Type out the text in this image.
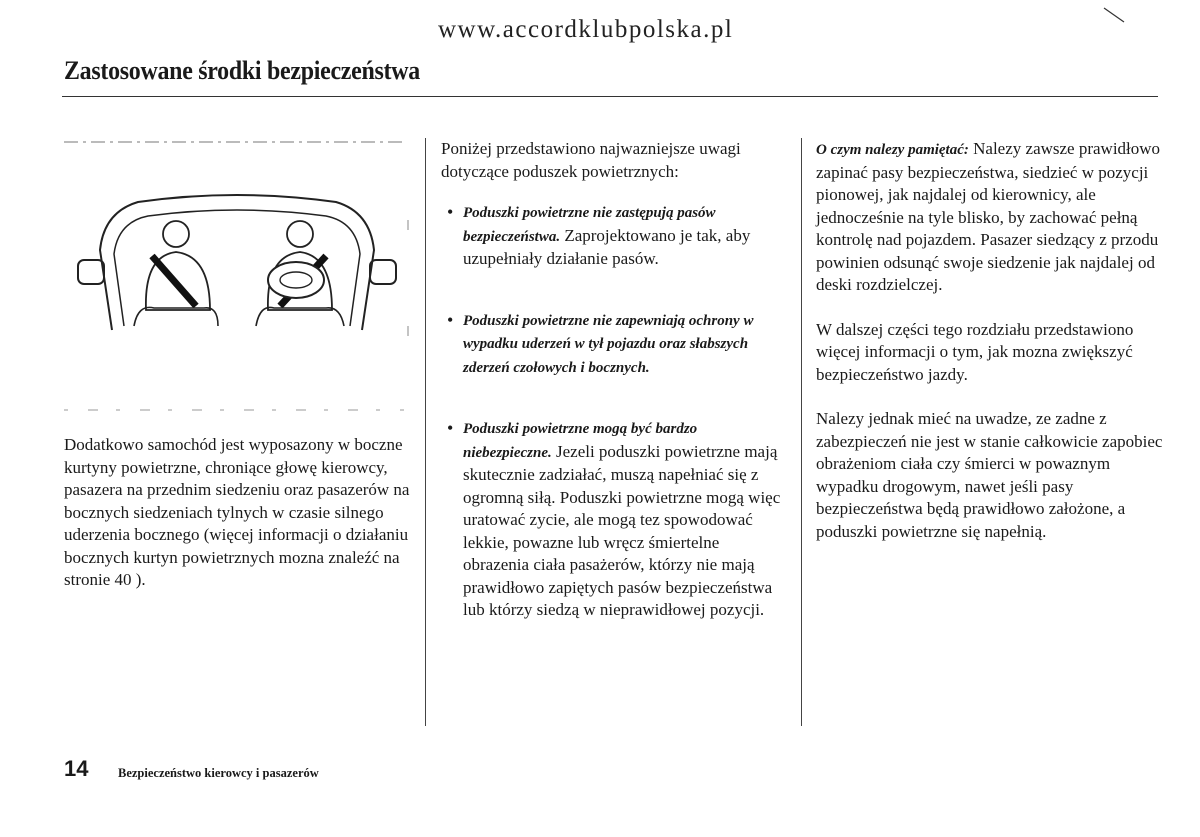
www.accordklubpolska.pl
Zastosowane środki bezpieczeństwa

Dodatkowo samochód jest wyposazony w boczne kurtyny powietrzne, chroniące głowę kierowcy, pasazera na przednim siedzeniu oraz pasazerów na bocznych siedzeniach tylnych w czasie silnego uderzenia bocznego (więcej informacji o działaniu bocznych kurtyn powietrznych mozna znaleźć na stronie 40 ).

Poniżej przedstawiono najwazniejsze uwagi dotyczące poduszek powietrznych:

• Poduszki powietrzne nie zastępują pasów bezpieczeństwa. Zaprojektowano je tak, aby uzupełniały działanie pasów.

• Poduszki powietrzne nie zapewniają ochrony w wypadku uderzeń w tył pojazdu oraz słabszych zderzeń czołowych i bocznych.

• Poduszki powietrzne mogą być bardzo niebezpieczne. Jezeli poduszki powietrzne mają skutecznie zadziałać, muszą napełniać się z ogromną siłą. Poduszki powietrzne mogą więc uratować zycie, ale mogą tez spowodować lekkie, powazne lub wręcz śmiertelne obrazenia ciała pasażerów, którzy nie mają prawidłowo zapiętych pasów bezpieczeństwa lub którzy siedzą w nieprawidłowej pozycji.

O czym nalezy pamiętać: Nalezy zawsze prawidłowo zapinać pasy bezpieczeństwa, siedzieć w pozycji pionowej, jak najdalej od kierownicy, ale jednocześnie na tyle blisko, by zachować pełną kontrolę nad pojazdem. Pasazer siedzący z przodu powinien odsunąć swoje siedzenie jak najdalej od deski rozdzielczej.

W dalszej części tego rozdziału przedstawiono więcej informacji o tym, jak mozna zwiększyć bezpieczeństwo jazdy.

Nalezy jednak mieć na uwadze, ze zadne z zabezpieczeń nie jest w stanie całkowicie zapobiec obrażeniom ciała czy śmierci w powaznym wypadku drogowym, nawet jeśli pasy bezpieczeństwa będą prawidłowo założone, a poduszki powietrzne się napełnią.

14 Bezpieczeństwo kierowcy i pasazerów
